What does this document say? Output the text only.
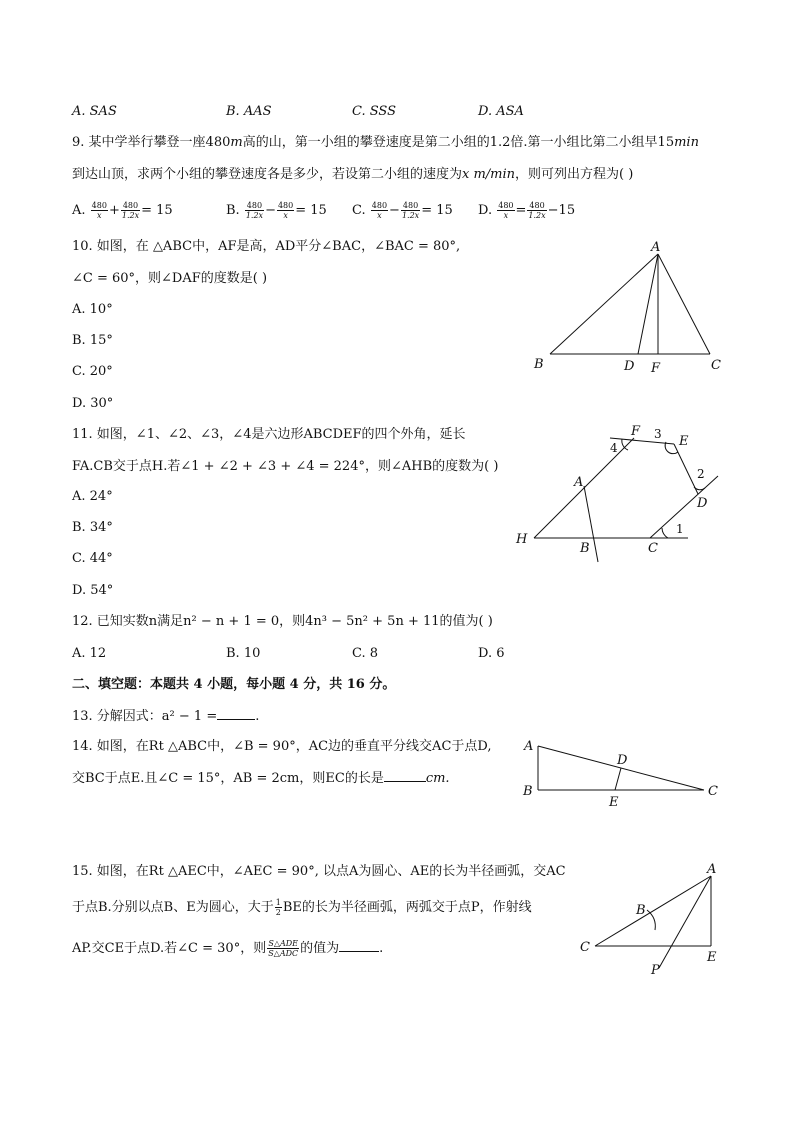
A. SAS	B. AAS	C. SSS	D. ASA
9. 某中学举行攀登一座480m高的山，第一小组的攀登速度是第二小组的1.2倍.第一小组比第二小组早15min
到达山顶，求两个小组的攀登速度各是多少，若设第二小组的速度为x m/min，则可列出方程为( )
A. $\frac{480}{x} + \frac{480}{1.2x} = 15$	B. $\frac{480}{1.2x} - \frac{480}{x} = 15$ C. $\frac{480}{x} - \frac{480}{1.2x} = 15$ D. $\frac{480}{x} = \frac{480}{1.2x} -15$
10. 如图，在 △ABC中，AF是高，AD平分∠BAC，∠BAC = 80°,
∠C = 60°，则∠DAF的度数是( )
A. 10°
B. 15°
C. 20°
D. 30°
A
B	C
D F
11. 如图，∠1、∠2、∠3，∠4是六边形ABCDEF的四个外角，延长
FA.CB交于点H.若∠1 + ∠2 + ∠3 + ∠4 = 224°，则∠AHB的度数为( )
A. 24°
B. 34°
C. 44°
D. 54°
F
E
D
C
B
A
H
1
2
3
4
12. 已知实数n满足n² − n + 1 = 0，则4n³ − 5n² + 5n + 11的值为( )
A. 12	B. 10	C. 8	D. 6
二、填空题：本题共 4 小题，每小题 4 分，共 16 分。
13. 分解因式：a² − 1 =	.
14. 如图，在Rt △ABC中，∠B = 90°，AC边的垂直平分线交AC于点D,
交BC于点E.且∠C = 15°，AB = 2cm，则EC的长是	cm.
A
B	C
D
E
15. 如图，在Rt △AEC中，∠AEC = 90°, 以点A为圆心、AE的长为半径画弧，交AC
于点B.分别以点B、E为圆心，大于 $\frac{1}{2}$ BE的长为半径画弧，两弧交于点P，作射线
AP.交CE于点D.若∠C = 30°，则 $\frac{\text{S△ADE}}{\text{S△ADC}}$ 的值为	.
A
B
C
E
P
